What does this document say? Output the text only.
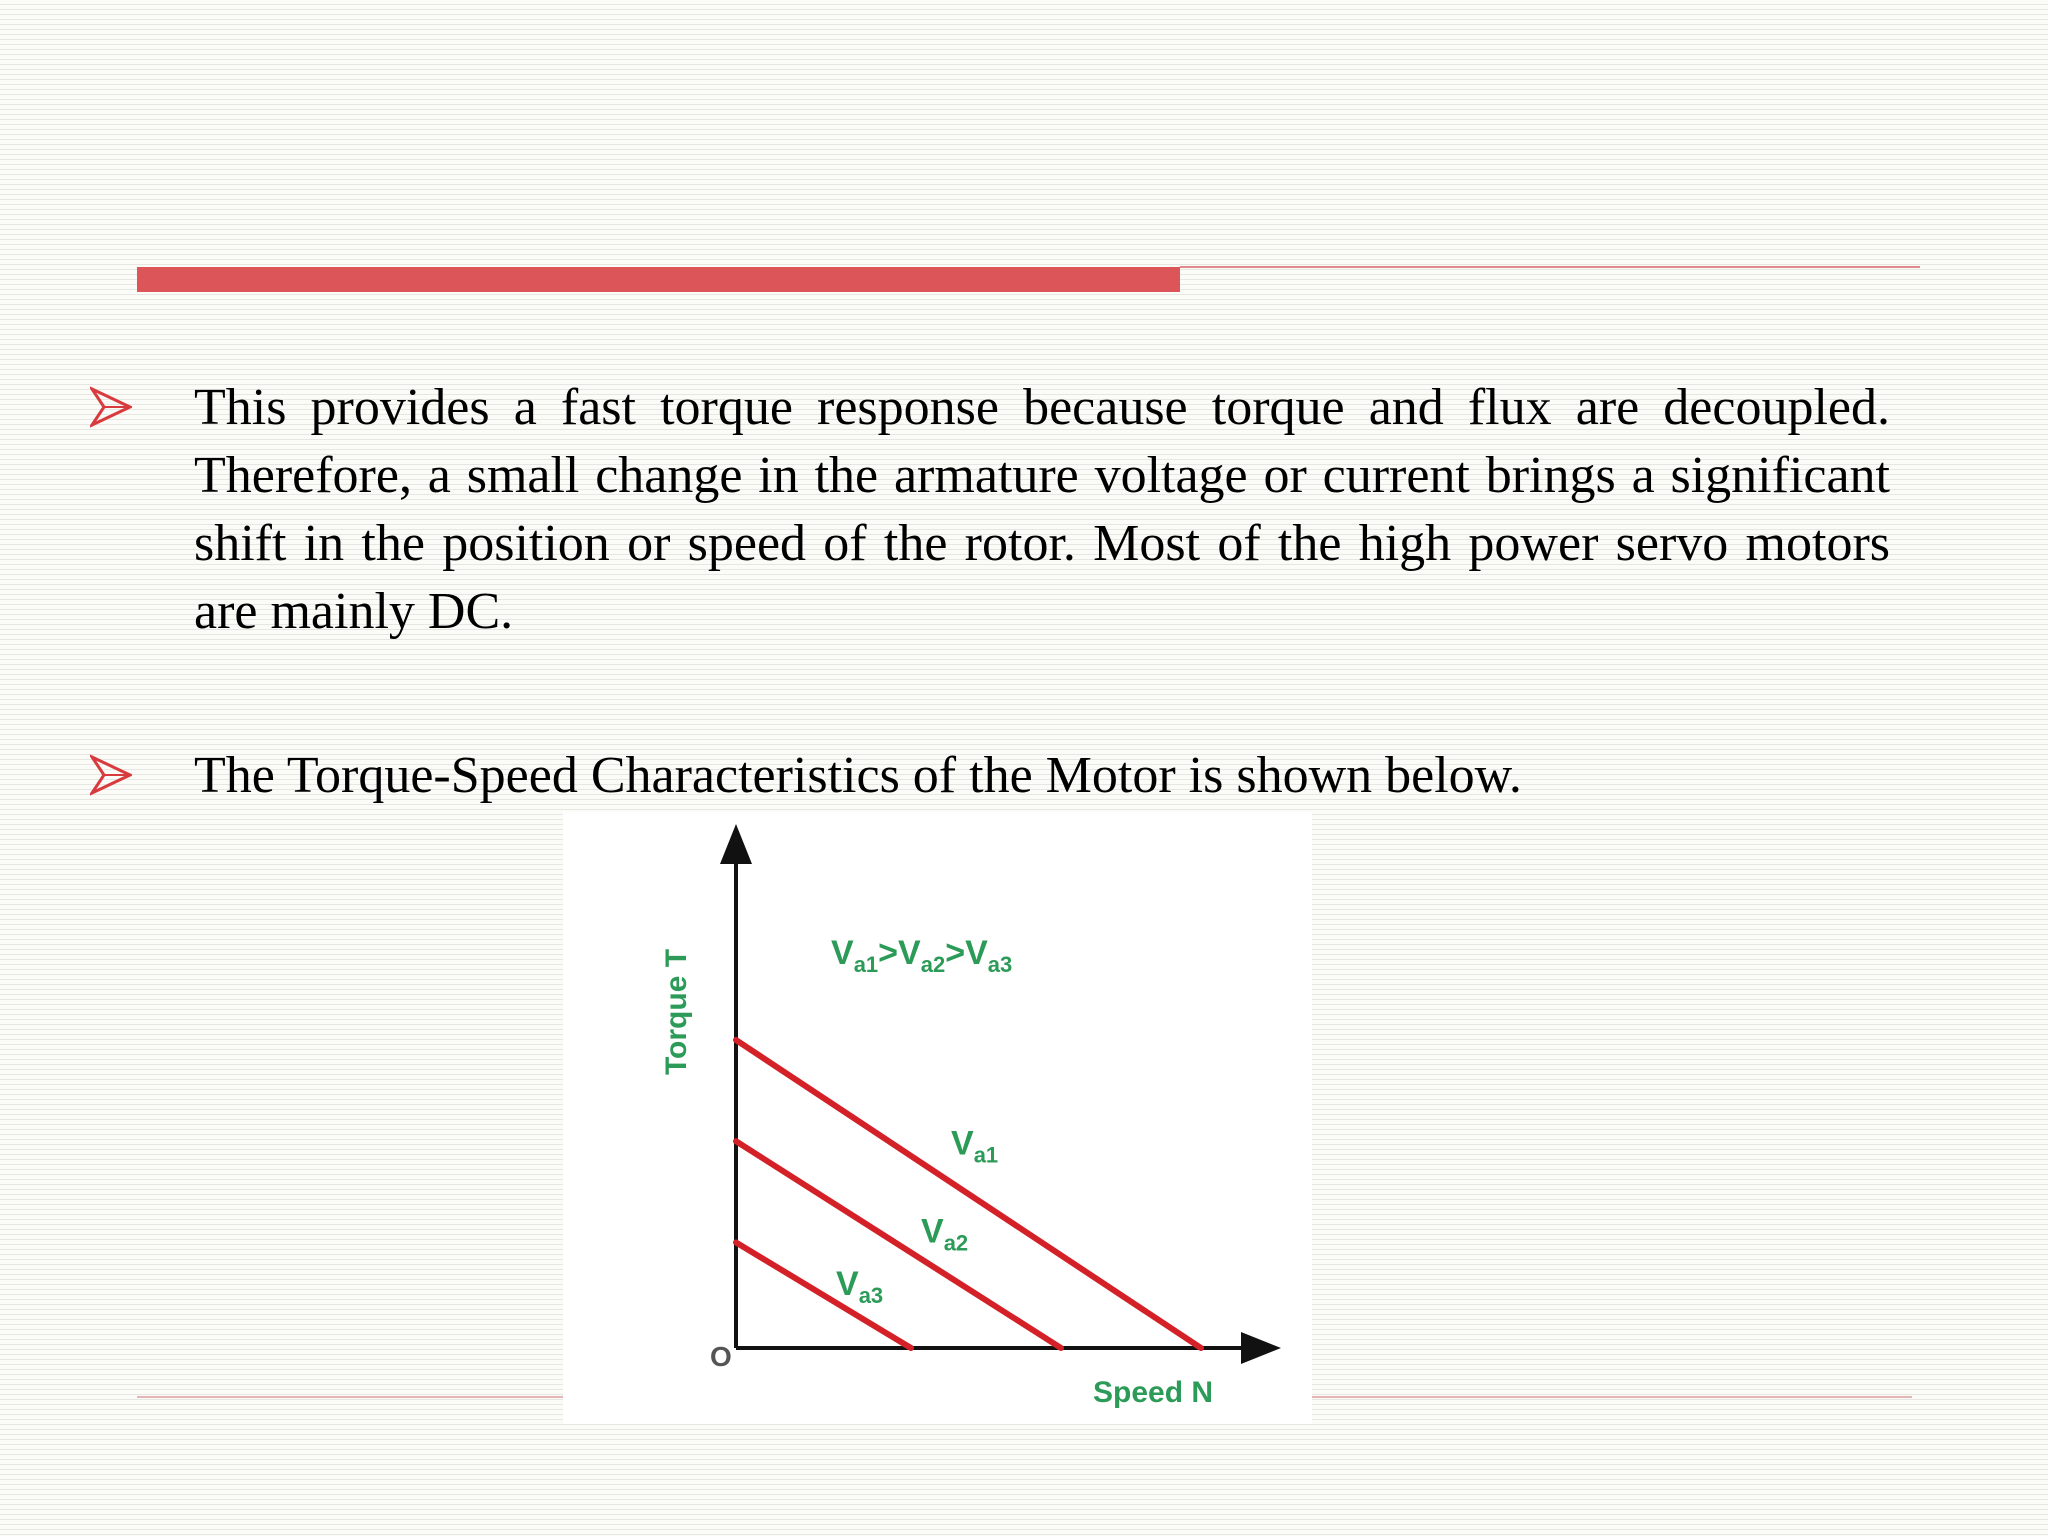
This provides a fast torque response because torque and flux are decoupled. Therefore, a small change in the armature voltage or current brings a significant shift in the position or speed of the rotor. Most of the high power servo motors are mainly DC.
The Torque-Speed Characteristics of the Motor is shown below.
$V_{a1}$
$V_{a2}$
$V_{a3}$
O
Speed N
Torque T	$V_{a1}>V_{a2}>V_{a3}$
